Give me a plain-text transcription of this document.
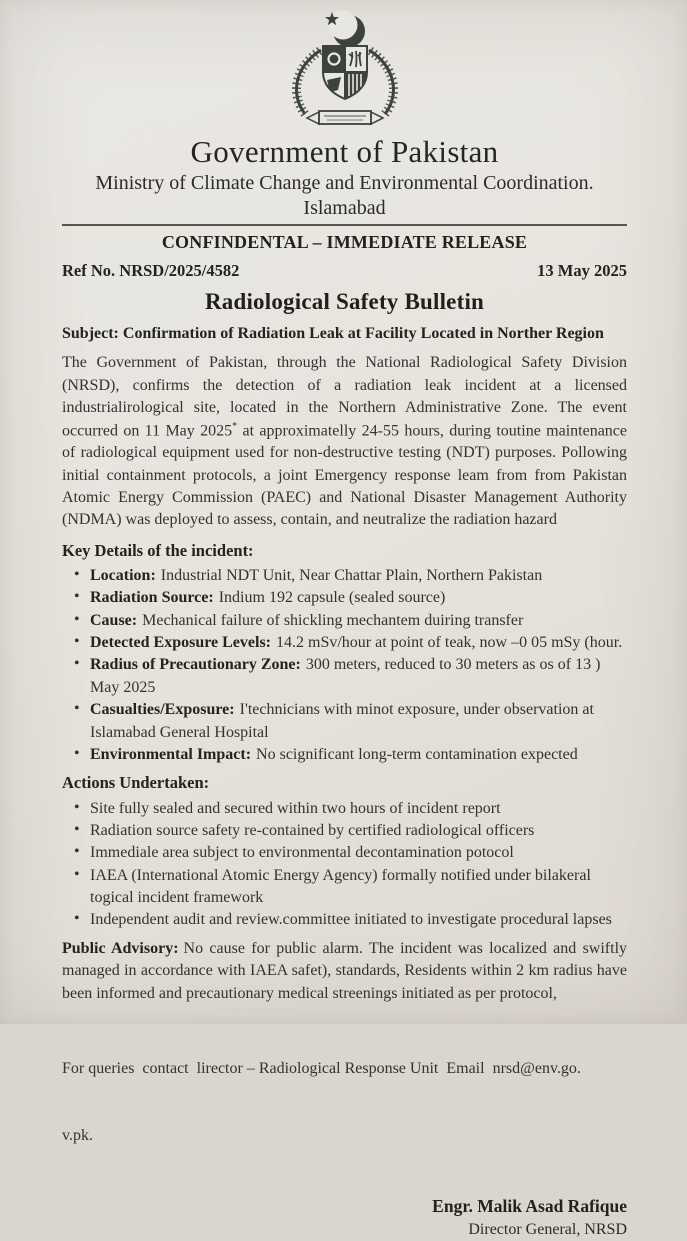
Government of Pakistan
Ministry of Climate Change and Environmental Coordination.
Islamabad
CONFINDENTAL – IMMEDIATE RELEASE
Ref No. NRSD/2025/4582	13 May 2025
Radiological Safety Bulletin
Subject: Confirmation of Radiation Leak at Facility Located in Norther Region

The Government of Pakistan, through the National Radiological Safety Division (NRSD), confirms the detection of a radiation leak incident at a licensed industrialirological site, located in the Northern Administrative Zone. The event occurred on 11 May 2025* at approximatelly 24-55 hours, during toutine maintenance of radiological equipment used for non-destructive testing (NDT) purposes. Pollowing initial containment protocols, a joint Emergency response leam from from Pakistan Atomic Energy Commission (PAEC) and National Disaster Management Authority (NDMA) was deployed to assess, contain, and neutralize the radiation hazard

Key Details of the incident:
• Location: Industrial NDT Unit, Near Chattar Plain, Northern Pakistan
• Radiation Source: Indium 192 capsule (sealed source)
• Cause: Mechanical failure of shickling mechantem duiring transfer
• Detected Exposure Levels: 14.2 mSv/hour at point of teak, now –0 05 mSy (hour.
• Radius of Precautionary Zone: 300 meters, reduced to 30 meters as os of 13 ) May 2025
• Casualties/Exposure: I'technicians with minot exposure, under observation at Islamabad General Hospital
• Environmental Impact: No scignificant long-term contamination expected
Actions Undertaken:
• Site fully sealed and secured within two hours of incident report
• Radiation source safety re-contained by certified radiological officers
• Immediale area subject to environmental decontamination potocol
• IAEA (International Atomic Energy Agency) formally notified under bilakeral togical incident framework
• Independent audit and review.committee initiated to investigate procedural lapses

Public Advisory: No cause for public alarm. The incident was localized and swiftly managed in accordance with IAEA safet), standards, Residents within 2 km radius have been informed and precautionary medical streenings initiated as per protocol,

For queries  contact  lirector – Radiological Response Unit  Email  nrsd@env.go.

v.pk.

Engr. Malik Asad Rafique
Director General, NRSD
